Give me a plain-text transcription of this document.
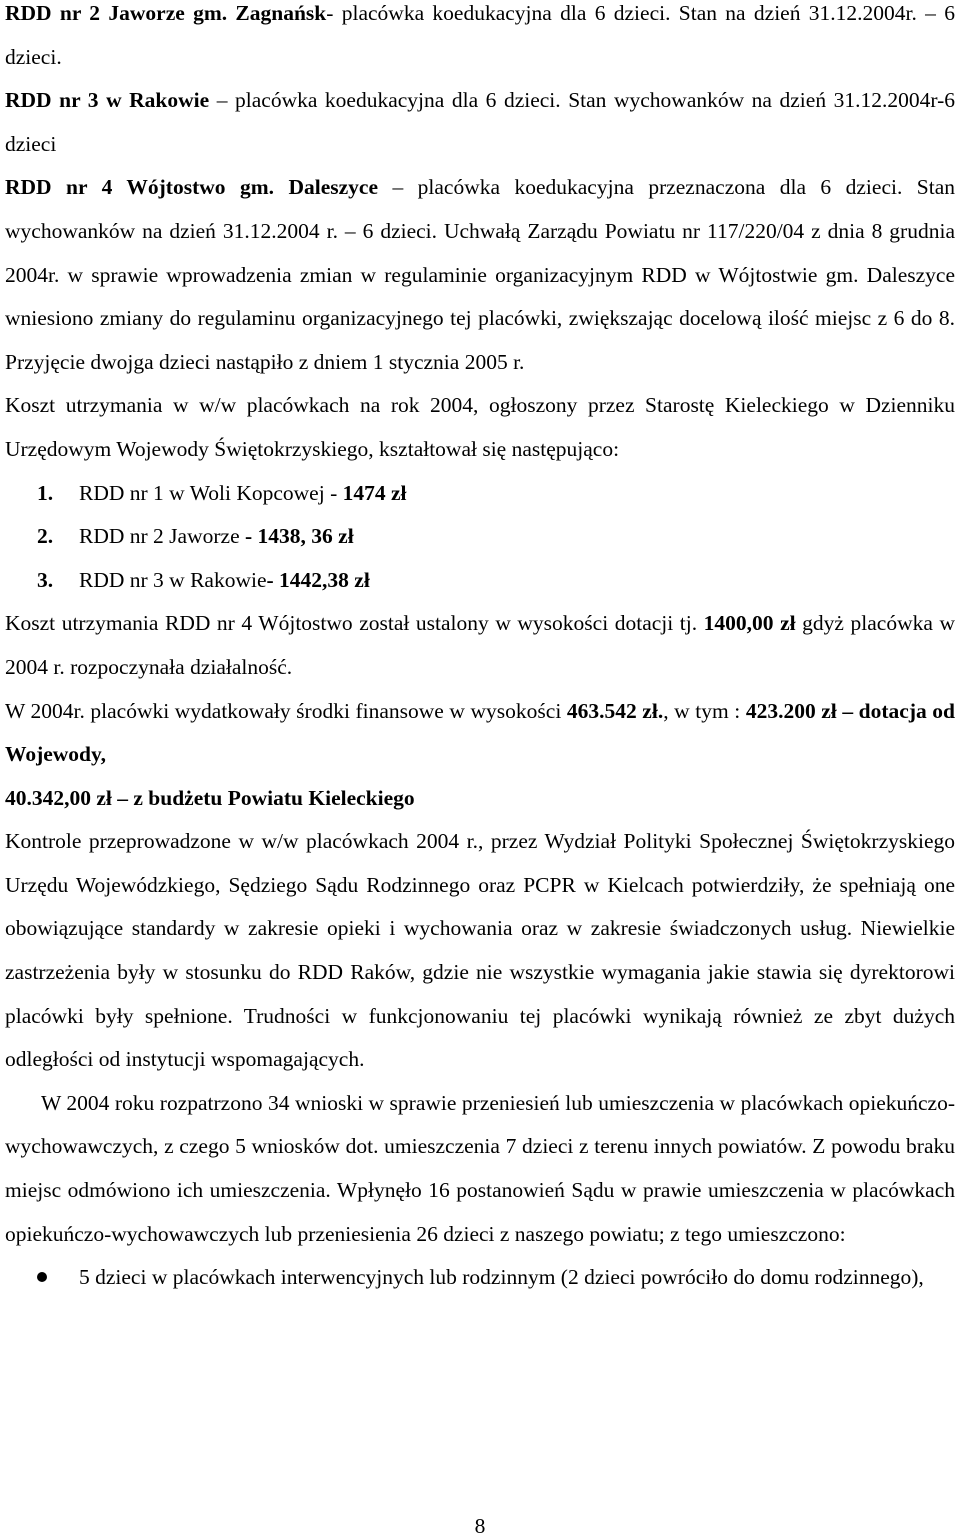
RDD nr 2 Jaworze gm. Zagnańsk- placówka koedukacyjna dla 6 dzieci. Stan na dzień 31.12.2004r. – 6 dzieci.

RDD nr 3 w Rakowie – placówka koedukacyjna dla 6 dzieci. Stan wychowanków na dzień 31.12.2004r-6 dzieci

RDD nr 4 Wójtostwo gm. Daleszyce – placówka koedukacyjna przeznaczona dla 6 dzieci. Stan wychowanków na dzień 31.12.2004 r. – 6 dzieci. Uchwałą Zarządu Powiatu nr 117/220/04 z dnia 8 grudnia 2004r. w sprawie wprowadzenia zmian w regulaminie organizacyjnym RDD w Wójtostwie gm. Daleszyce wniesiono zmiany do regulaminu organizacyjnego tej placówki, zwiększając docelową ilość miejsc z 6 do 8. Przyjęcie dwojga dzieci nastąpiło z dniem 1 stycznia 2005 r.

Koszt utrzymania w w/w placówkach na rok 2004, ogłoszony przez Starostę Kieleckiego w Dzienniku Urzędowym Wojewody Świętokrzyskiego, kształtował się następująco:

1. RDD nr 1 w Woli Kopcowej - 1474 zł
2. RDD nr 2 Jaworze - 1438, 36 zł
3. RDD nr 3 w Rakowie- 1442,38 zł

Koszt utrzymania RDD nr 4 Wójtostwo został ustalony w wysokości dotacji tj. 1400,00 zł gdyż placówka w 2004 r. rozpoczynała działalność.

W 2004r. placówki wydatkowały środki finansowe w wysokości 463.542 zł., w tym : 423.200 zł – dotacja od Wojewody,
40.342,00 zł – z budżetu Powiatu Kieleckiego

Kontrole przeprowadzone w w/w placówkach 2004 r., przez Wydział Polityki Społecznej Świętokrzyskiego Urzędu Wojewódzkiego, Sędziego Sądu Rodzinnego oraz PCPR w Kielcach potwierdziły, że spełniają one obowiązujące standardy w zakresie opieki i wychowania oraz w zakresie świadczonych usług. Niewielkie zastrzeżenia były w stosunku do RDD Raków, gdzie nie wszystkie wymagania jakie stawia się dyrektorowi placówki były spełnione. Trudności w funkcjonowaniu tej placówki wynikają również ze zbyt dużych odległości od instytucji wspomagających.

W 2004 roku rozpatrzono 34 wnioski w sprawie przeniesień lub umieszczenia w placówkach opiekuńczo-wychowawczych, z czego 5 wniosków dot. umieszczenia 7 dzieci z terenu innych powiatów. Z powodu braku miejsc odmówiono ich umieszczenia. Wpłynęło 16 postanowień Sądu w prawie umieszczenia w placówkach opiekuńczo-wychowawczych lub przeniesienia 26 dzieci z naszego powiatu; z tego umieszczono:

5 dzieci w placówkach interwencyjnych lub rodzinnym (2 dzieci powróciło do domu rodzinnego),
8
